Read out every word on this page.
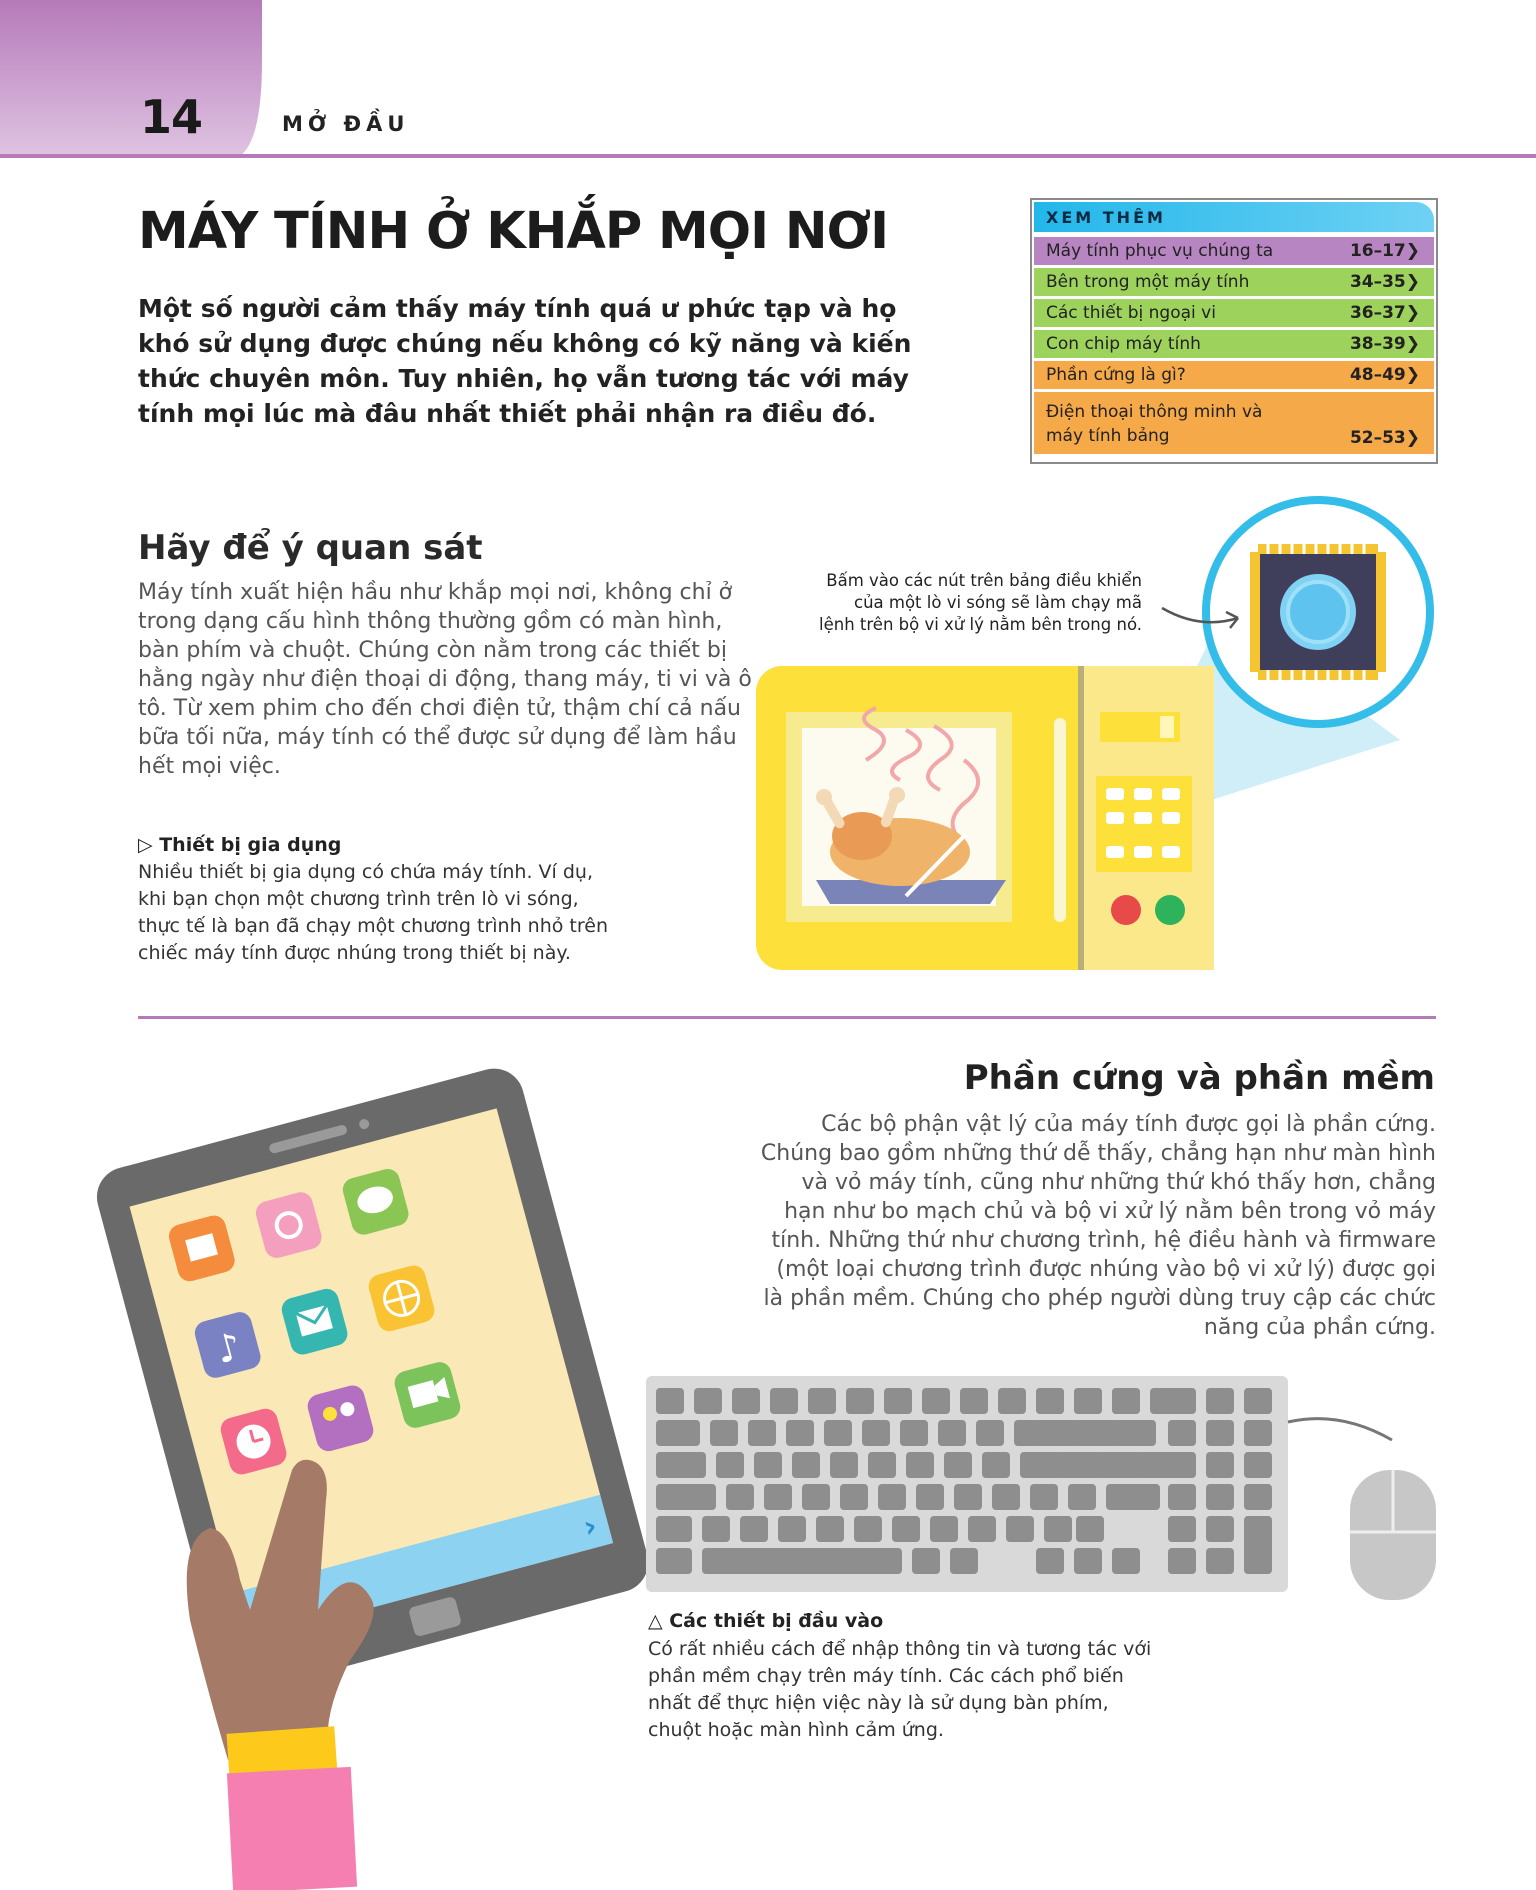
14	MỞ ĐẦU
MÁY TÍNH Ở KHẮP MỌI NƠI
Một số người cảm thấy máy tính quá ư phức tạp và họ khó sử dụng được chúng nếu không có kỹ năng và kiến thức chuyên môn. Tuy nhiên, họ vẫn tương tác với máy tính mọi lúc mà đâu nhất thiết phải nhận ra điều đó.
XEM THÊM
Máy tính phục vụ chúng ta	16–17❯
Bên trong một máy tính	34–35❯
Các thiết bị ngoại vi	36–37❯
Con chip máy tính	38–39❯
Phần cứng là gì?	48–49❯
Điện thoại thông minh và
máy tính bảng	52–53❯
Hãy để ý quan sát
Máy tính xuất hiện hầu như khắp mọi nơi, không chỉ ở trong dạng cấu hình thông thường gồm có màn hình, bàn phím và chuột. Chúng còn nằm trong các thiết bị hằng ngày như điện thoại di động, thang máy, ti vi và ô tô. Từ xem phim cho đến chơi điện tử, thậm chí cả nấu bữa tối nữa, máy tính có thể được sử dụng để làm hầu hết mọi việc.
▷ Thiết bị gia dụng
Nhiều thiết bị gia dụng có chứa máy tính. Ví dụ, khi bạn chọn một chương trình trên lò vi sóng, thực tế là bạn đã chạy một chương trình nhỏ trên chiếc máy tính được nhúng trong thiết bị này.
Bấm vào các nút trên bảng điều khiển của một lò vi sóng sẽ làm chạy mã lệnh trên bộ vi xử lý nằm bên trong nó.
Phần cứng và phần mềm
Các bộ phận vật lý của máy tính được gọi là phần cứng. Chúng bao gồm những thứ dễ thấy, chẳng hạn như màn hình và vỏ máy tính, cũng như những thứ khó thấy hơn, chẳng hạn như bo mạch chủ và bộ vi xử lý nằm bên trong vỏ máy tính. Những thứ như chương trình, hệ điều hành và firmware (một loại chương trình được nhúng vào bộ vi xử lý) được gọi là phần mềm. Chúng cho phép người dùng truy cập các chức năng của phần cứng.
♪
›
△ Các thiết bị đầu vào
Có rất nhiều cách để nhập thông tin và tương tác với phần mềm chạy trên máy tính. Các cách phổ biến nhất để thực hiện việc này là sử dụng bàn phím, chuột hoặc màn hình cảm ứng.
